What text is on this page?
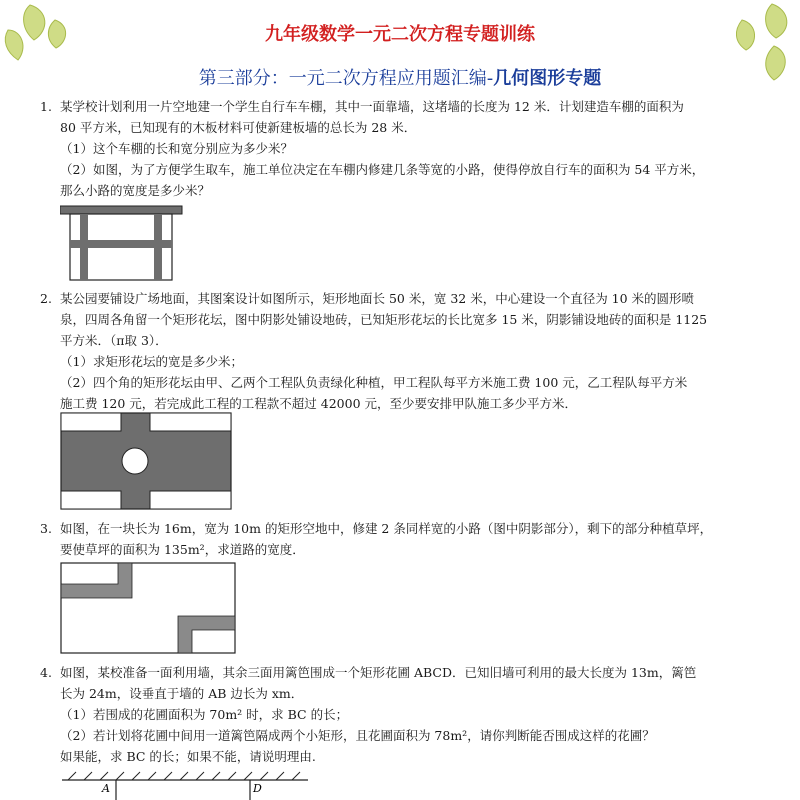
九年级数学一元二次方程专题训练
第三部分：一元二次方程应用题汇编-几何图形专题
1. 某学校计划利用一片空地建一个学生自行车车棚，其中一面靠墙，这堵墙的长度为 12 米．计划建造车棚的面积为
80 平方米，已知现有的木板材料可使新建板墙的总长为 28 米．
（1）这个车棚的长和宽分别应为多少米？
（2）如图，为了方便学生取车，施工单位决定在车棚内修建几条等宽的小路，使得停放自行车的面积为 54 平方米，
那么小路的宽度是多少米？
2. 某公园要铺设广场地面，其图案设计如图所示，矩形地面长 50 米，宽 32 米，中心建设一个直径为 10 米的圆形喷
泉，四周各角留一个矩形花坛，图中阴影处铺设地砖，已知矩形花坛的长比宽多 15 米，阴影铺设地砖的面积是 1125
平方米．（π取 3）．
（1）求矩形花坛的宽是多少米；
（2）四个角的矩形花坛由甲、乙两个工程队负责绿化种植，甲工程队每平方米施工费 100 元，乙工程队每平方米
施工费 120 元，若完成此工程的工程款不超过 42000 元，至少要安排甲队施工多少平方米．
3. 如图，在一块长为 16m，宽为 10m 的矩形空地中，修建 2 条同样宽的小路（图中阴影部分），剩下的部分种植草坪，
要使草坪的面积为 135m²，求道路的宽度．
4. 如图，某校准备一面利用墙，其余三面用篱笆围成一个矩形花圃 ABCD．已知旧墙可利用的最大长度为 13m，篱笆
长为 24m，设垂直于墙的 AB 边长为 xm．
（1）若围成的花圃面积为 70m² 时，求 BC 的长；
（2）若计划将花圃中间用一道篱笆隔成两个小矩形，且花圃面积为 78m²，请你判断能否围成这样的花圃？
如果能，求 BC 的长；如果不能，请说明理由.
A	D
